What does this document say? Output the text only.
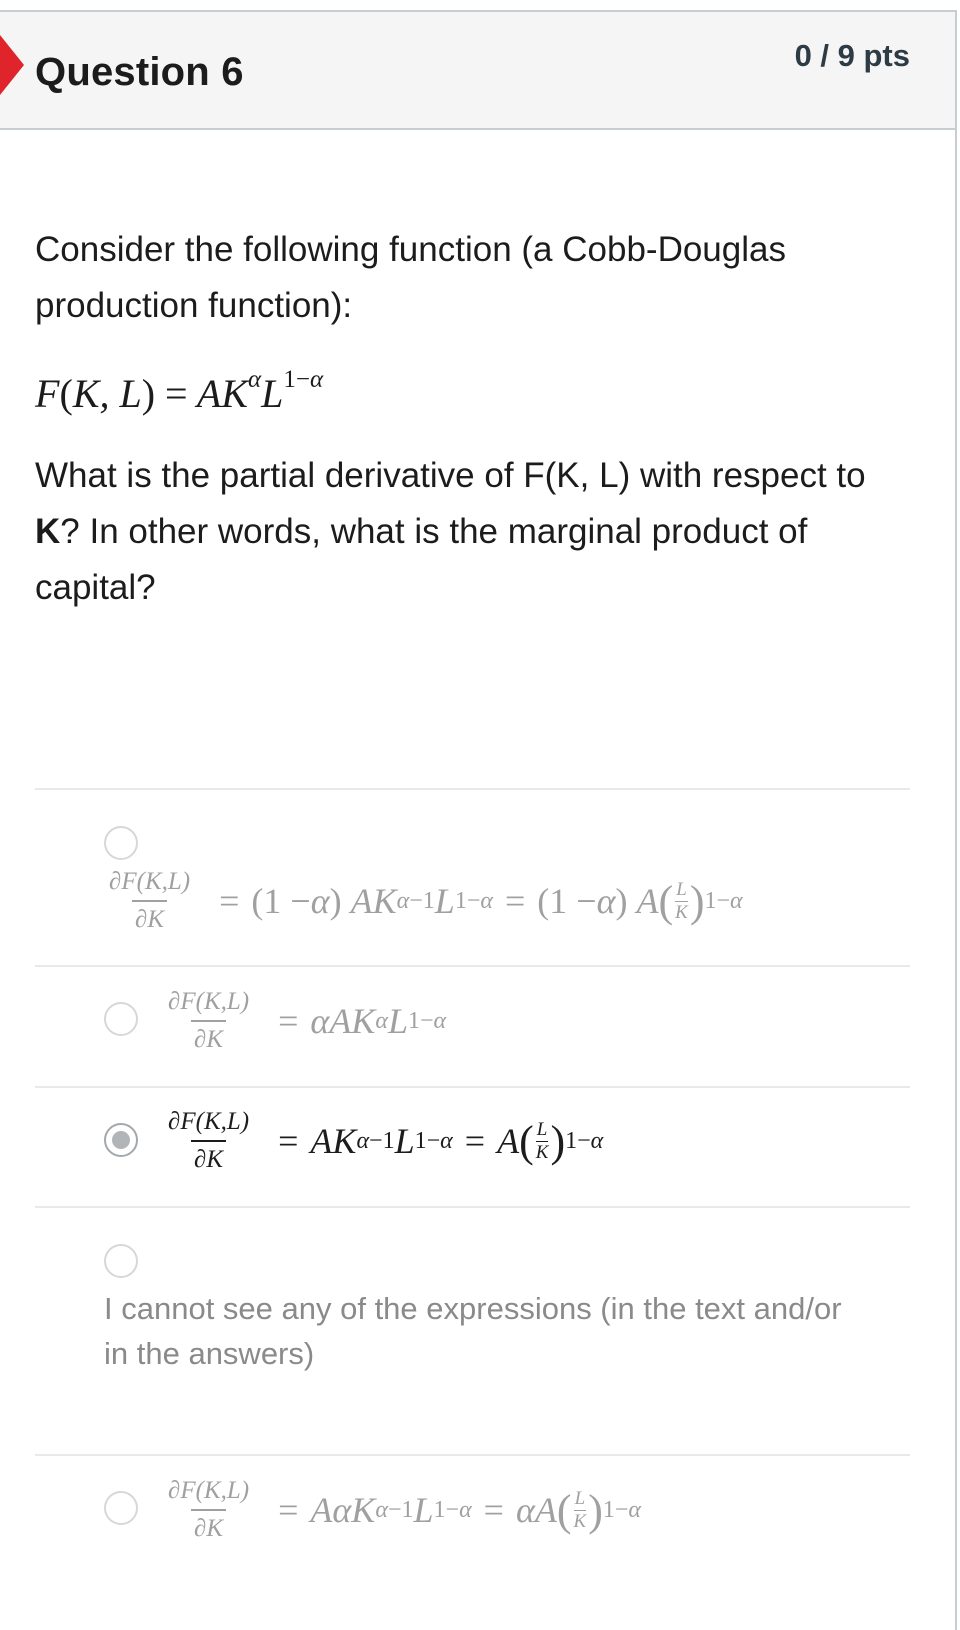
Question 6	0 / 9 pts

Consider the following function (a Cobb-Douglas production function):

F(K, $L) = AK^\alpha L^{1-\alpha}$
What is the partial derivative of F(K, L) with respect to K? In other words, what is the marginal product of capital?
$\frac{\partial F(K,L)}{\partial K} = (1 - \alpha$ ) AK α−1 L 1−α = (1 − α ) A ( $\frac{L}{K}$ ) 1−α
$\frac{\partial F(K,L)}{\partial K} = \alpha AK$ α L 1−α
$\frac{\partial F(K,L)}{\partial K}$ = AK α−1 L 1−α = A ( $\frac{L}{K}$ ) 1−α
I cannot see any of the expressions (in the text and/or in the answers)
$\frac{\partial F(K,L)}{\partial K} = A\alpha K$ α−1 L 1−α = αA ( $\frac{L}{K}$ ) 1−α
